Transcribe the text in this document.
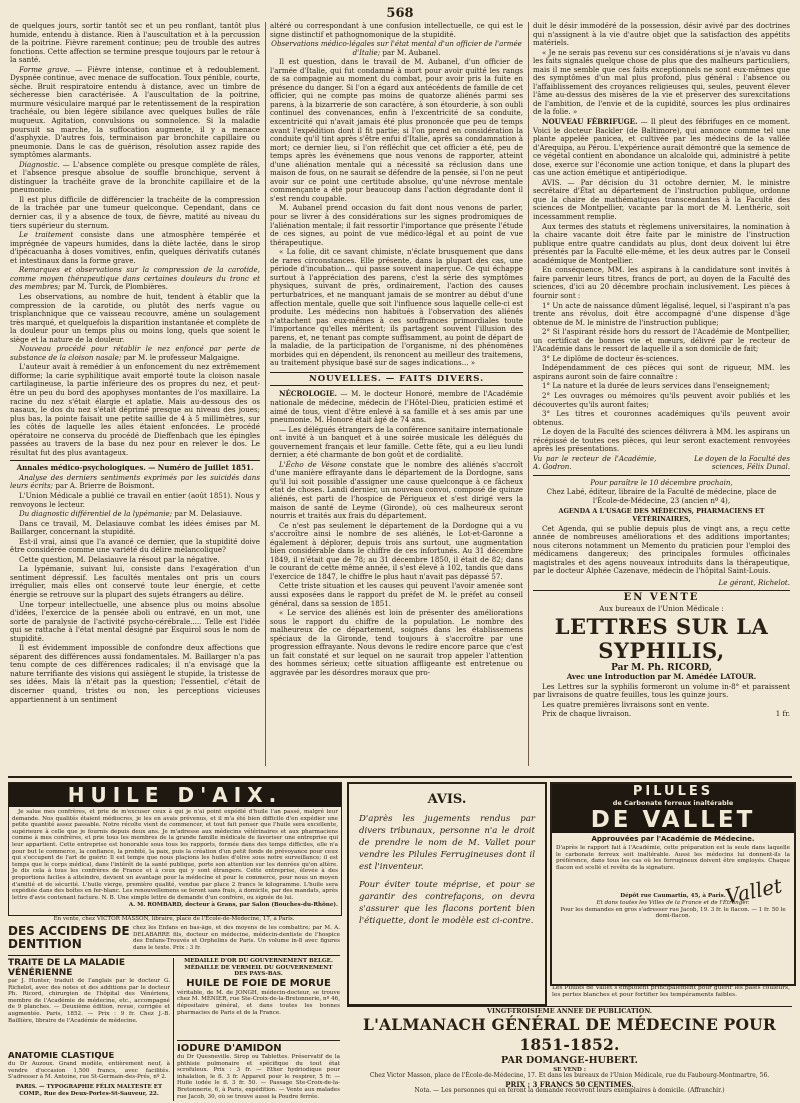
568

de quelques jours, sortir tantôt sec et un peu ronflant, tantôt plus humide, entendu à distance. Rien à l'auscultation et à la percussion de la poitrine. Fièvre rarement continue; peu de trouble des autres fonctions. Cette affection se termine presque toujours par le retour à la santé.

Forme grave. — Fièvre intense, continue et à redoublement. Dyspnée continue, avec menace de suffocation. Toux pénible, courte, sèche. Bruit respiratoire entendu à distance, avec un timbre de sécheresse bien caractérisée. A l'auscultation de la poitrine, murmure vésiculaire marqué par le retentissement de la respiration trachéale, ou bien légère sibilance avec quelques bulles de râle muqueux. Agitation, convulsions ou somnolence. Si la maladie poursuit sa marche, la suffocation augmente, il y a menace d'asphyxie. D'autres fois, terminaison par bronchite capillaire ou pneumonie. Dans le cas de guérison, résolution assez rapide des symptômes alarmants.

Diagnostic. — L'absence complète ou presque complète de râles, et l'absence presque absolue de souffle bronchique, servent à distinguer la trachéite grave de la bronchite capillaire et de la pneumonie.

Il est plus difficile de différencier la trachéite de la compression de la trachée par une tumeur quelconque. Cependant, dans ce dernier cas, il y a absence de toux, de fièvre, matité au niveau du tiers supérieur du sternum.

Le traitement consiste dans une atmosphère tempérée et imprégnée de vapeurs humides, dans la diète lactée, dans le sirop d'ipécacuanha à doses vomitives, enfin, quelques dérivatifs cutanés et intestinaux dans la forme grave.

Remarques et observations sur la compression de la carotide, comme moyen thérapeutique dans certaines douleurs du tronc et des membres; par M. Turck, de Plombières.

Les observations, au nombre de huit, tendent à établir que la compression de la carotide, ou plutôt des nerfs vague ou trisplanchnique que ce vaisseau recouvre, amène un soulagement très marqué, et quelquefois la disparition instantanée et complète de la douleur pour un temps plus ou moins long, quels que soient le siège et la nature de la douleur.

Nouveau procédé pour rétablir le nez enfoncé par perte de substance de la cloison nasale; par M. le professeur Malgaigne.

L'auteur avait à remédier à un enfoncement du nez extrêmement difforme; la carie syphilitique avait emporté toute la cloison nasale cartilagineuse, la partie inférieure des os propres du nez, et peut-être un peu du bord des apophyses montantes de l'os maxillaire. La racine du nez s'était élargie et aplatie. Mais au-dessous des os nasaux, le dos du nez s'était déprimé presque au niveau des joues; plus bas, la pointe faisait une petite saillie de 4 à 5 millimètres, sur les côtés de laquelle les ailes étaient enfoncées. Le procédé opératoire ne conserva du procédé de Dieffenbach que les épingles passées au travers de la base du nez pour en relever le dos. Le résultat fut des plus avantageux.

Annales médico-psychologiques. — Numéro de Juillet 1851.

Analyse des derniers sentiments exprimés par les suicidés dans leurs écrits; par A. Brierre de Boismont.

L'Union Médicale a publié ce travail en entier (août 1851). Nous y renvoyons le lecteur.

Du diagnostic différentiel de la lypémanie; par M. Delasiauve.

Dans ce travail, M. Delasiauve combat les idées émises par M. Baillarger, concernant la stupidité.

Est-il vrai, ainsi que l'a avancé ce dernier, que la stupidité doive être considérée comme une variété du délire mélancolique?

Cette question, M. Delasiauve la résout par la négative.

La lypémanie, suivant lui, consiste dans l'exagération d'un sentiment dépressif. Les facultés mentales ont pris un cours irrégulier, mais elles ont conservé toute leur énergie, et cette énergie se retrouve sur la plupart des sujets étrangers au délire.

Une torpeur intellectuelle, une absence plus ou moins absolue d'idées, l'exercice de la pensée aboli ou entravé, en un mot, une sorte de paralysie de l'activité psycho-cérébrale..... Telle est l'idée qui se rattache à l'état mental désigné par Esquirol sous le nom de stupidité.

Il est évidemment impossible de confondre deux affections que séparent des différences aussi fondamentales. M. Baillarger n'a pas tenu compte de ces différences radicales; il n'a envisagé que la nature terrifiante des visions qui assiègent le stupide, la tristesse de ses idées. Mais là n'était pas la question; l'essentiel, c'était de discerner quand, tristes ou non, les perceptions vicieuses appartiennent à un sentiment

altéré ou correspondant à une confusion intellectuelle, ce qui est le signe distinctif et pathognomonique de la stupidité.

Observations médico-légales sur l'état mental d'un officier de l'armée d'Italie; par M. Aubanel.

Il est question, dans le travail de M. Aubanel, d'un officier de l'armée d'Italie, qui fut condamné à mort pour avoir quitté les rangs de sa compagnie au moment du combat, pour avoir pris la fuite en présence du danger. Si l'on a égard aux antécédents de famille de cet officier, qui ne compte pas moins de quatorze aliénés parmi ses parens, à la bizarrerie de son caractère, à son étourderie, à son oubli continuel des convenances, enfin à l'excentricité de sa conduite, excentricité qui n'avait jamais été plus prononcée que peu de temps avant l'expédition dont il fit partie; si l'on prend en considération la conduite qu'il tint après s'être enfui d'Italie, après sa condamnation à mort; ce dernier lieu, si l'on réfléchit que cet officier a été, peu de temps après les événemens que nous venons de rapporter, atteint d'une aliénation mentale qui a nécessité sa réclusion dans une maison de fous, on ne saurait se défendre de la pensée, si l'on ne peut avoir sur ce point une certitude absolue, qu'une névrose mentale commençante a été pour beaucoup dans l'action dégradante dont il s'est rendu coupable.

M. Aubanel prend occasion du fait dont nous venons de parler, pour se livrer à des considérations sur les signes prodromiques de l'aliénation mentale; il fait ressortir l'importance que présente l'étude de ces signes, au point de vue médico-légal et au point de vue thérapeutique.

« La folie, dit ce savant chimiste, n'éclate brusquement que dans de rares circonstances. Elle présente, dans la plupart des cas, une période d'incubation... qui passe souvent inaperçue. Ce qui échappe surtout à l'appréciation des parens, c'est la série des symptômes physiques, suivant de près, ordinairement, l'action des causes perturbatrices, et ne manquant jamais de se montrer au début d'une affection mentale, quelle que soit l'influence sous laquelle celle-ci est produite. Les médecins non habitués à l'observation des aliénés n'attachent pas eux-mêmes à ces souffrances primordiales toute l'importance qu'elles méritent; ils partagent souvent l'illusion des parens, et, ne tenant pas compte suffisamment, au point de départ de la maladie, de la participation de l'organisme, ni des phénomènes morbides qui en dépendent, ils renoncent au meilleur des traitemens, au traitement physique basé sur de sages indications... »

NOUVELLES. — FAITS DIVERS.

NÉCROLOGIE. — M. le docteur Honoré, membre de l'Académie nationale de médecine, médecin de l'Hôtel-Dieu, praticien estimé et aimé de tous, vient d'être enlevé à sa famille et à ses amis par une pneumonie. M. Honoré était âgé de 74 ans.

— Les délégués étrangers de la conférence sanitaire internationale ont invité à un banquet et à une soirée musicale les délégués du gouvernement français et leur famille. Cette fête, qui a eu lieu lundi dernier, a été charmante de bon goût et de cordialité.

L'Écho de Vésone constate que le nombre des aliénés s'accroît d'une manière effrayante dans le département de la Dordogne, sans qu'il lui soit possible d'assigner une cause quelconque à ce fâcheux état de choses. Landi dernier, un nouveau convoi, composé de quinze aliénés, est parti de l'hospice de Périgueux et s'est dirigé vers la maison de santé de Leyme (Gironde), où ces malheureux seront nourris et traités aux frais du département.

Ce n'est pas seulement le département de la Dordogne qui a vu s'accroître ainsi le nombre de ses aliénés, le Lot-et-Garonne a également à déplorer, depuis trois ans surtout, une augmentation bien considérable dans le chiffre de ces infortunés. Au 31 décembre 1849, il n'était que de 78; au 31 décembre 1850, il était de 82; dans le courant de cette même année, il s'est élevé à 102, tandis que dans l'exercice de 1847, le chiffre le plus haut n'avait pas dépassé 57.

Cette triste situation et les causes qui peuvent l'avoir amenée sont aussi exposées dans le rapport du préfet de M. le préfet au conseil général, dans sa session de 1851.

« Le service des aliénés est loin de présenter des améliorations sous le rapport du chiffre de la population. Le nombre des malheureux de ce département, soignés dans les établissemens spéciaux de la Gironde, tend toujours à s'accroître par une progression effrayante. Nous devons le redire encore parce que c'est un fait constaté et sur lequel on ne saurait trop appeler l'attention des hommes sérieux; cette situation affligeante est entretenue ou aggravée par les désordres moraux que pro-

duit le désir immodéré de la possession, désir avivé par des doctrines qui n'assignent à la vie d'autre objet que la satisfaction des appétits matériels.

« Je ne serais pas revenu sur ces considérations si je n'avais vu dans les faits signalés quelque chose de plus que des malheurs particuliers, mais il me semble que ces faits exceptionnels ne sont eux-mêmes que des symptômes d'un mal plus profond, plus général : l'absence ou l'affaiblissement des croyances religieuses qui, seules, peuvent élever l'âme au-dessus des misères de la vie et préserver des surexcitations de l'ambition, de l'envie et de la cupidité, sources les plus ordinaires de la folie. »

NOUVEAU FÉBRIFUGE. — Il pleut des fébrifuges en ce moment. Voici le docteur Backler (de Baltimore), qui annonce comme tel une plante appelée panicea, et cultivée par les médecins de la vallée d'Arequipa, au Pérou. L'expérience aurait démontré que la semence de ce végétal contient en abondance un alcaloïde qui, administré à petite dose, exerce sur l'économie une action tonique, et dans la plupart des cas une action émétique et antipériodique.

AVIS. — Par décision du 31 octobre dernier, M. le ministre secrétaire d'État au département de l'instruction publique, ordonne que la chaire de mathématiques transcendantes à la Faculté des sciences de Montpellier, vacante par la mort de M. Lenthéric, soit incessamment remplie.

Aux termes des statuts et règlemens universitaires, la nomination à la chaire vacante doit être faite par le ministre de l'instruction publique entre quatre candidats au plus, dont deux doivent lui être présentés par la Faculté elle-même, et les deux autres par le Conseil académique de Montpellier.

En conséquence, MM. les aspirans à la candidature sont invités à faire parvenir leurs titres, francs de port, au doyen de la Faculté des sciences, d'ici au 20 décembre prochain inclusivement. Les pièces à fournir sont :

1° Un acte de naissance dûment légalisé, lequel, si l'aspirant n'a pas trente ans révolus, doit être accompagné d'une dispense d'âge obtenue de M. le ministre de l'instruction publique;

2° Si l'aspirant réside hors du ressort de l'Académie de Montpellier, un certificat de bonnes vie et mœurs, délivré par le recteur de l'Académie dans le ressort de laquelle il a son domicile de fait;

3° Le diplôme de docteur ès-sciences.

Indépendamment de ces pièces qui sont de rigueur, MM. les aspirans auront soin de faire connaître :

1° La nature et la durée de leurs services dans l'enseignement;

2° Les ouvrages ou mémoires qu'ils peuvent avoir publiés et les découvertes qu'ils auront faites;

3° Les titres et couronnes académiques qu'ils peuvent avoir obtenus.

Le doyen de la Faculté des sciences délivrera à MM. les aspirans un récépissé de toutes ces pièces, qui leur seront exactement renvoyées après les présentations.

Vu par le recteur de l'Académie, A. Godron.
Le doyen de la Faculté des sciences, Félix Dunal.

Pour paraître le 10 décembre prochain,

Chez Labé, éditeur, libraire de la Faculté de médecine, place de l'École-de-Médecine, 23 (ancien nº 4),

AGENDA A L'USAGE DES MÉDECINS, PHARMACIENS ET VÉTÉRINAIRES,

Cet Agenda, qui se publie depuis plus de vingt ans, a reçu cette année de nombreuses améliorations et des additions importantes; nous citerons notamment un Memento du praticien pour l'emploi des médicamens dangereux; des principales formules officinales magistrales et des agens nouveaux introduits dans la thérapeutique, par le docteur Alphée Cazenave, médecin de l'hôpital Saint-Louis.

Le gérant, Richelot.
EN VENTE

Aux bureaux de l'Union Médicale :

LETTRES SUR LA SYPHILIS,
Par M. Ph. RICORD,

Avec une Introduction par M. Amédée LATOUR.

Les Lettres sur la syphilis formeront un volume in-8° et paraissent par livraisons de quatre feuilles, tous les quinze jours.

Les quatre premières livraisons sont en vente.

Prix de chaque livraison.	1 fr.

HUILE D'AIX.

Je salue mes confrères, et prie de m'excuser ceux à qui je n'ai point expédié d'huile l'an passé, malgré leur demande. Nos qualités étaient médiocres, je les en avais prévenus, et il m'a été bien difficile d'en expédier une petite quantité assez passable. Notre récolte vient de commencer, et tout fait penser que l'huile sera excellente, supérieure à celle que je fournis depuis deux ans. Je m'adresse aux médecins vétérinaires et aux pharmaciens comme à mes confrères, et prie tous les membres de la grande famille médicale de favoriser une entreprise qui leur appartient. Cette entreprise est honorable sous tous les rapports, formée dans des temps difficiles, elle n'a pour but le commerce, la confiance, la probité, la paix, puis la création d'un petit fonds de prévoyance pour ceux qui s'occupent de l'art de guérir. Il est temps que nous plaçions les huiles d'olive sous notre surveillance; il est temps que le corps médical, dans l'intérêt de la santé publique, porte son attention sur les denrées qu'on altère. Je dis cela à tous les confrères de France et à ceux qui y sont étrangers. Cette entreprise, élevée à des proportions faciles à atteindre, devient un avantage pour la médecine et pour le commerce, pour nous un moyen d'amitié et de sécurité. L'huile vierge, première qualité, vendue par place 2 francs le kilogramme. L'huile sera expédiée dans des boîtes en fer-blanc. Les renouvellemens se feront sans frais, à domicile, par des mandats, après lettre d'avis contenant facture. N. B. Une simple lettre de demande d'un confrère, ou signée de lui.

A. M. ROMBARD, docteur à Grans, par Salon (Bouches-du-Rhône).

En vente, chez VICTOR MASSON, libraire, place de l'École-de-Médecine, 17, à Paris.
DES ACCIDENS DE DENTITION
chez les Enfans en bas-âge, et des moyens de les combattre; par M. A. DELABARRE fils, docteur en médecine, médecin-dentiste de l'hospice des Enfans-Trouvés et Orphelins de Paris. Un volume in-8 avec figures dans le texte. Prix : 3 fr.
TRAITÉ DE LA MALADIE VÉNÉRIENNE
par J. Hunter, traduit de l'anglais par le docteur G. Richelot, avec des notes et des additions par le docteur Ph. Ricord, chirurgien de l'hôpital des Vénériens, membre de l'Académie de médecine, etc., accompagné de 9 planches. — Deuxième édition, revue, corrigée et augmentée. Paris, 1852. — Prix : 9 fr. Chez J.-B. Baillière, libraire de l'Académie de médecine.
ANATOMIE CLASTIQUE
du Dr Auzoux. Grand modèle, entièrement neuf, à vendre d'occasion 1,500 francs, avec facilités. S'adresser à M. Antoine, rue St-Germain-des-Prés, nº 2.
PARIS. — TYPOGRAPHIE FÉLIX MALTESTE ET COMP., Rue des Deux-Portes-St-Sauveur, 22.
MÉDAILLE D'OR DU GOUVERNEMENT BELGE.
MÉDAILLE DE VERMEIL DU GOUVERNEMENT DES PAYS-BAS.
HUILE DE FOIE DE MORUE
véritable, de M. de JONGH, médecin-docteur, se trouve chez M. MÉNIER, rue Ste-Croix-de-la-Bretonnerie, nº 46, dépositaire général, et dans toutes les bonnes pharmacies de Paris et de la France.
IODURE D'AMIDON
du Dr Quesneville. Sirop ou Tablettes. Préservatif de la phthisie pulmonaire et spécifique du tout état scrofuleux. Prix : 3 fr. — Ether hydriodique pour inhalation, le fl. 3 fr. Appareil pour le respirer, 5 fr. — Huile iodée le fl. 3 fr. 50. — Passage Ste-Croix-de-la-Bretonnerie, 6, à Paris, expédition. — Vente aux malades rue Jacob, 30, où se trouve aussi la Poudre ferrée.
AVIS.
D'après les jugements rendus par divers tribunaux, personne n'a le droit de prendre le nom de M. Vallet pour vendre les Pilules Ferrugineuses dont il est l'inventeur.
Pour éviter toute méprise, et pour se garantir des contrefaçons, on devra s'assurer que les flacons portent bien l'étiquette, dont le modèle est ci-contre.
PILULES
de Carbonate ferreux inaltérable
DE VALLET
Approuvées par l'Académie de Médecine.
D'après le rapport fait à l'Académie, cette préparation est la seule dans laquelle le carbonate ferreux soit inaltérable. Aussi les médecins lui donnent-ils la préférence, dans tous les cas où les ferrugineux doivent être employés. Chaque flacon est scellé et revêtu de la signature.
Vallet
Dépôt rue Caumartin, 45, à Paris.
Et dans toutes les Villes de la France et de l'Étranger.
Pour les demandes en gros s'adresser rue Jacob, 19. 3 fr. le flacon. — 1 fr. 50 le demi-flacon.
Les Pilules de Vallet s'emploient principalement pour guérir les pâles couleurs, les pertes blanches et pour fortifier les tempéraments faibles.
VINGT-TROISIÈME ANNÉE DE PUBLICATION.
L'ALMANACH GÉNÉRAL DE MÉDECINE POUR 1851-1852.
PAR DOMANGE-HUBERT.
SE VEND :
Chez Victor Masson, place de l'École-de-Médecine, 17. Et dans les bureaux de l'Union Médicale, rue du Faubourg-Montmartre, 56.
PRIX : 3 FRANCS 50 CENTIMES.
Nota. — Les personnes qui en feront la demande recevront leurs exemplaires à domicile. (Affranchir.)
